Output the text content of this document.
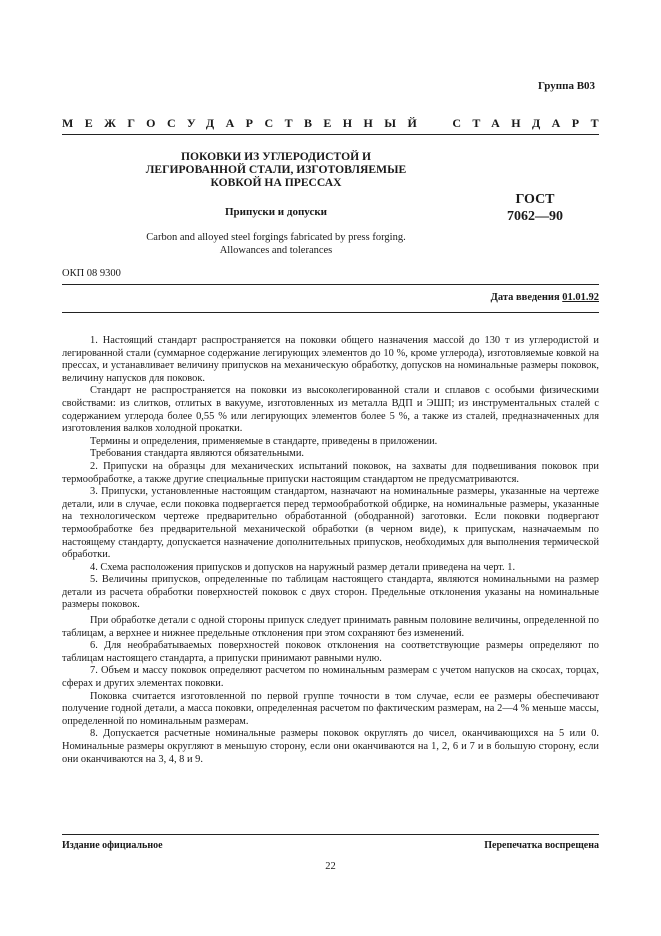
Группа В03
МЕЖГОСУДАРСТВЕННЫЙ СТАНДАРТ
ПОКОВКИ ИЗ УГЛЕРОДИСТОЙ И
ЛЕГИРОВАННОЙ СТАЛИ, ИЗГОТОВЛЯЕМЫЕ
КОВКОЙ НА ПРЕССАХ
Припуски и допуски
ГОСТ
7062—90
Carbon and alloyed steel forgings fabricated by press forging.
Allowances and tolerances
ОКП 08 9300
Дата введения 01.01.92

1. Настоящий стандарт распространяется на поковки общего назначения массой до 130 т из углеродистой и легированной стали (суммарное содержание легирующих элементов до 10 %, кроме углерода), изготовляемые ковкой на прессах, и устанавливает величину припусков на механическую обработку, допусков на номинальные размеры поковок, величину напусков для поковок.

Стандарт не распространяется на поковки из высоколегированной стали и сплавов с особыми физическими свойствами: из слитков, отлитых в вакууме, изготовленных из металла ВДП и ЭШП; из инструментальных сталей с содержанием углерода более 0,55 % или легирующих элементов более 5 %, а также из сталей, предназначенных для изготовления валков холодной прокатки.

Термины и определения, применяемые в стандарте, приведены в приложении.

Требования стандарта являются обязательными.

2. Припуски на образцы для механических испытаний поковок, на захваты для подвешивания поковок при термообработке, а также другие специальные припуски настоящим стандартом не предусматриваются.

3. Припуски, установленные настоящим стандартом, назначают на номинальные размеры, указанные на чертеже детали, или в случае, если поковка подвергается перед термообработкой обдирке, на номинальные размеры, указанные на технологическом чертеже предварительно обработанной (ободранной) заготовки. Если поковки подвергают термообработке без предварительной механической обработки (в черном виде), к припускам, назначаемым по настоящему стандарту, допускается назначение дополнительных припусков, необходимых для выполнения термической обработки.

4. Схема расположения припусков и допусков на наружный размер детали приведена на черт. 1.

5. Величины припусков, определенные по таблицам настоящего стандарта, являются номинальными на размер детали из расчета обработки поверхностей поковок с двух сторон. Предельные отклонения указаны на номинальные размеры поковок.

При обработке детали с одной стороны припуск следует принимать равным половине величины, определенной по таблицам, а верхнее и нижнее предельные отклонения при этом сохраняют без изменений.

6. Для необрабатываемых поверхностей поковок отклонения на соответствующие размеры определяют по таблицам настоящего стандарта, а припуски принимают равными нулю.

7. Объем и массу поковок определяют расчетом по номинальным размерам с учетом напусков на скосах, торцах, сферах и других элементах поковки.

Поковка считается изготовленной по первой группе точности в том случае, если ее размеры обеспечивают получение годной детали, а масса поковки, определенная расчетом по фактическим размерам, на 2—4 % меньше массы, определенной по номинальным размерам.

8. Допускается расчетные номинальные размеры поковок округлять до чисел, оканчивающихся на 5 или 0. Номинальные размеры округляют в меньшую сторону, если они оканчиваются на 1, 2, 6 и 7 и в большую сторону, если они оканчиваются на 3, 4, 8 и 9.

Издание официальное	Перепечатка воспрещена
22
